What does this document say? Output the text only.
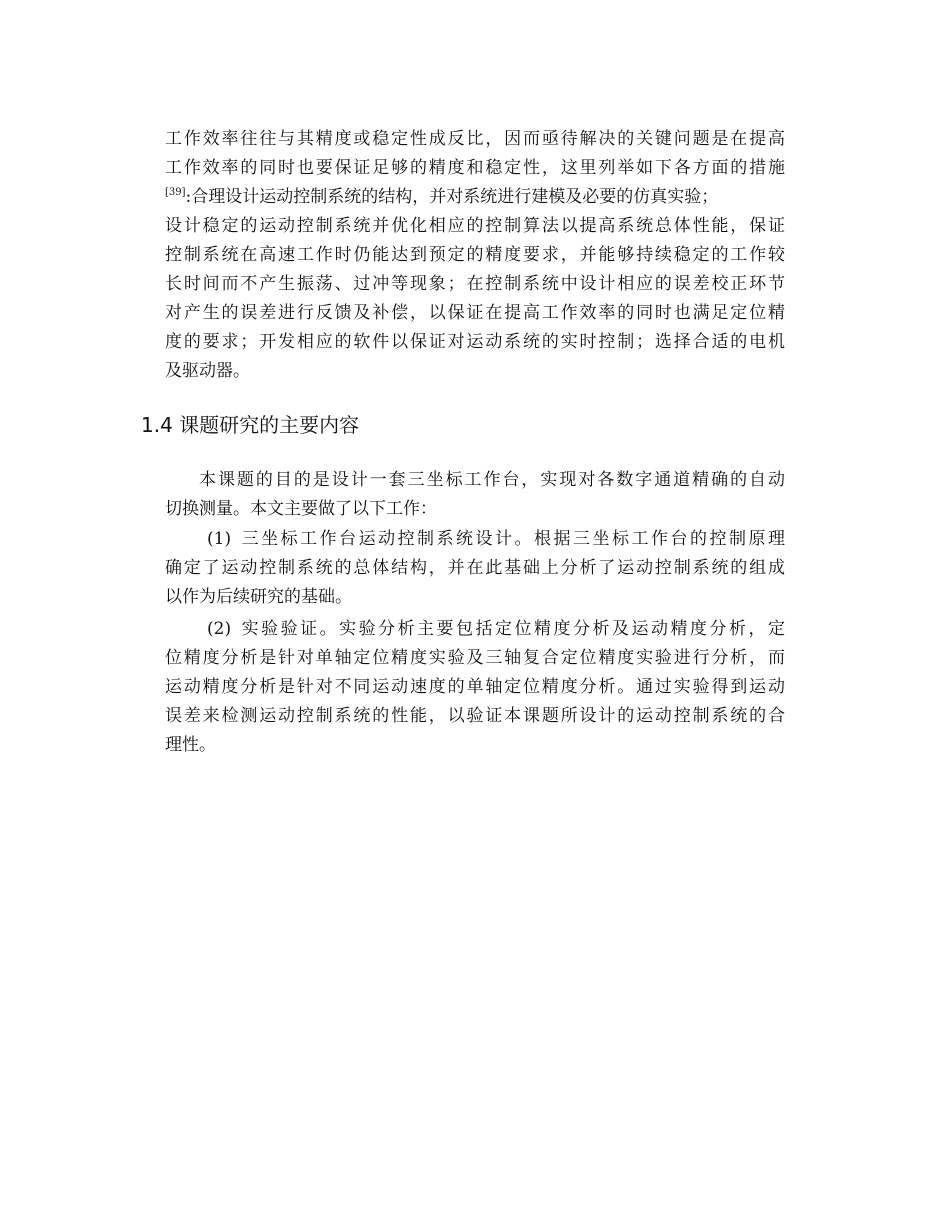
工作效率往往与其精度或稳定性成反比，因而亟待解决的关键问题是在提高
工作效率的同时也要保证足够的精度和稳定性，这里列举如下各方面的措施
[39]:合理设计运动控制系统的结构，并对系统进行建模及必要的仿真实验；
设计稳定的运动控制系统并优化相应的控制算法以提高系统总体性能，保证
控制系统在高速工作时仍能达到预定的精度要求，并能够持续稳定的工作较
长时间而不产生振荡、过冲等现象；在控制系统中设计相应的误差校正环节
对产生的误差进行反馈及补偿，以保证在提高工作效率的同时也满足定位精
度的要求；开发相应的软件以保证对运动系统的实时控制；选择合适的电机
及驱动器。
1.4 课题研究的主要内容
本课题的目的是设计一套三坐标工作台，实现对各数字通道精确的自动
切换测量。本文主要做了以下工作：
(1) 三坐标工作台运动控制系统设计。根据三坐标工作台的控制原理
确定了运动控制系统的总体结构，并在此基础上分析了运动控制系统的组成
以作为后续研究的基础。
(2) 实验验证。实验分析主要包括定位精度分析及运动精度分析，定
位精度分析是针对单轴定位精度实验及三轴复合定位精度实验进行分析，而
运动精度分析是针对不同运动速度的单轴定位精度分析。通过实验得到运动
误差来检测运动控制系统的性能，以验证本课题所设计的运动控制系统的合
理性。
